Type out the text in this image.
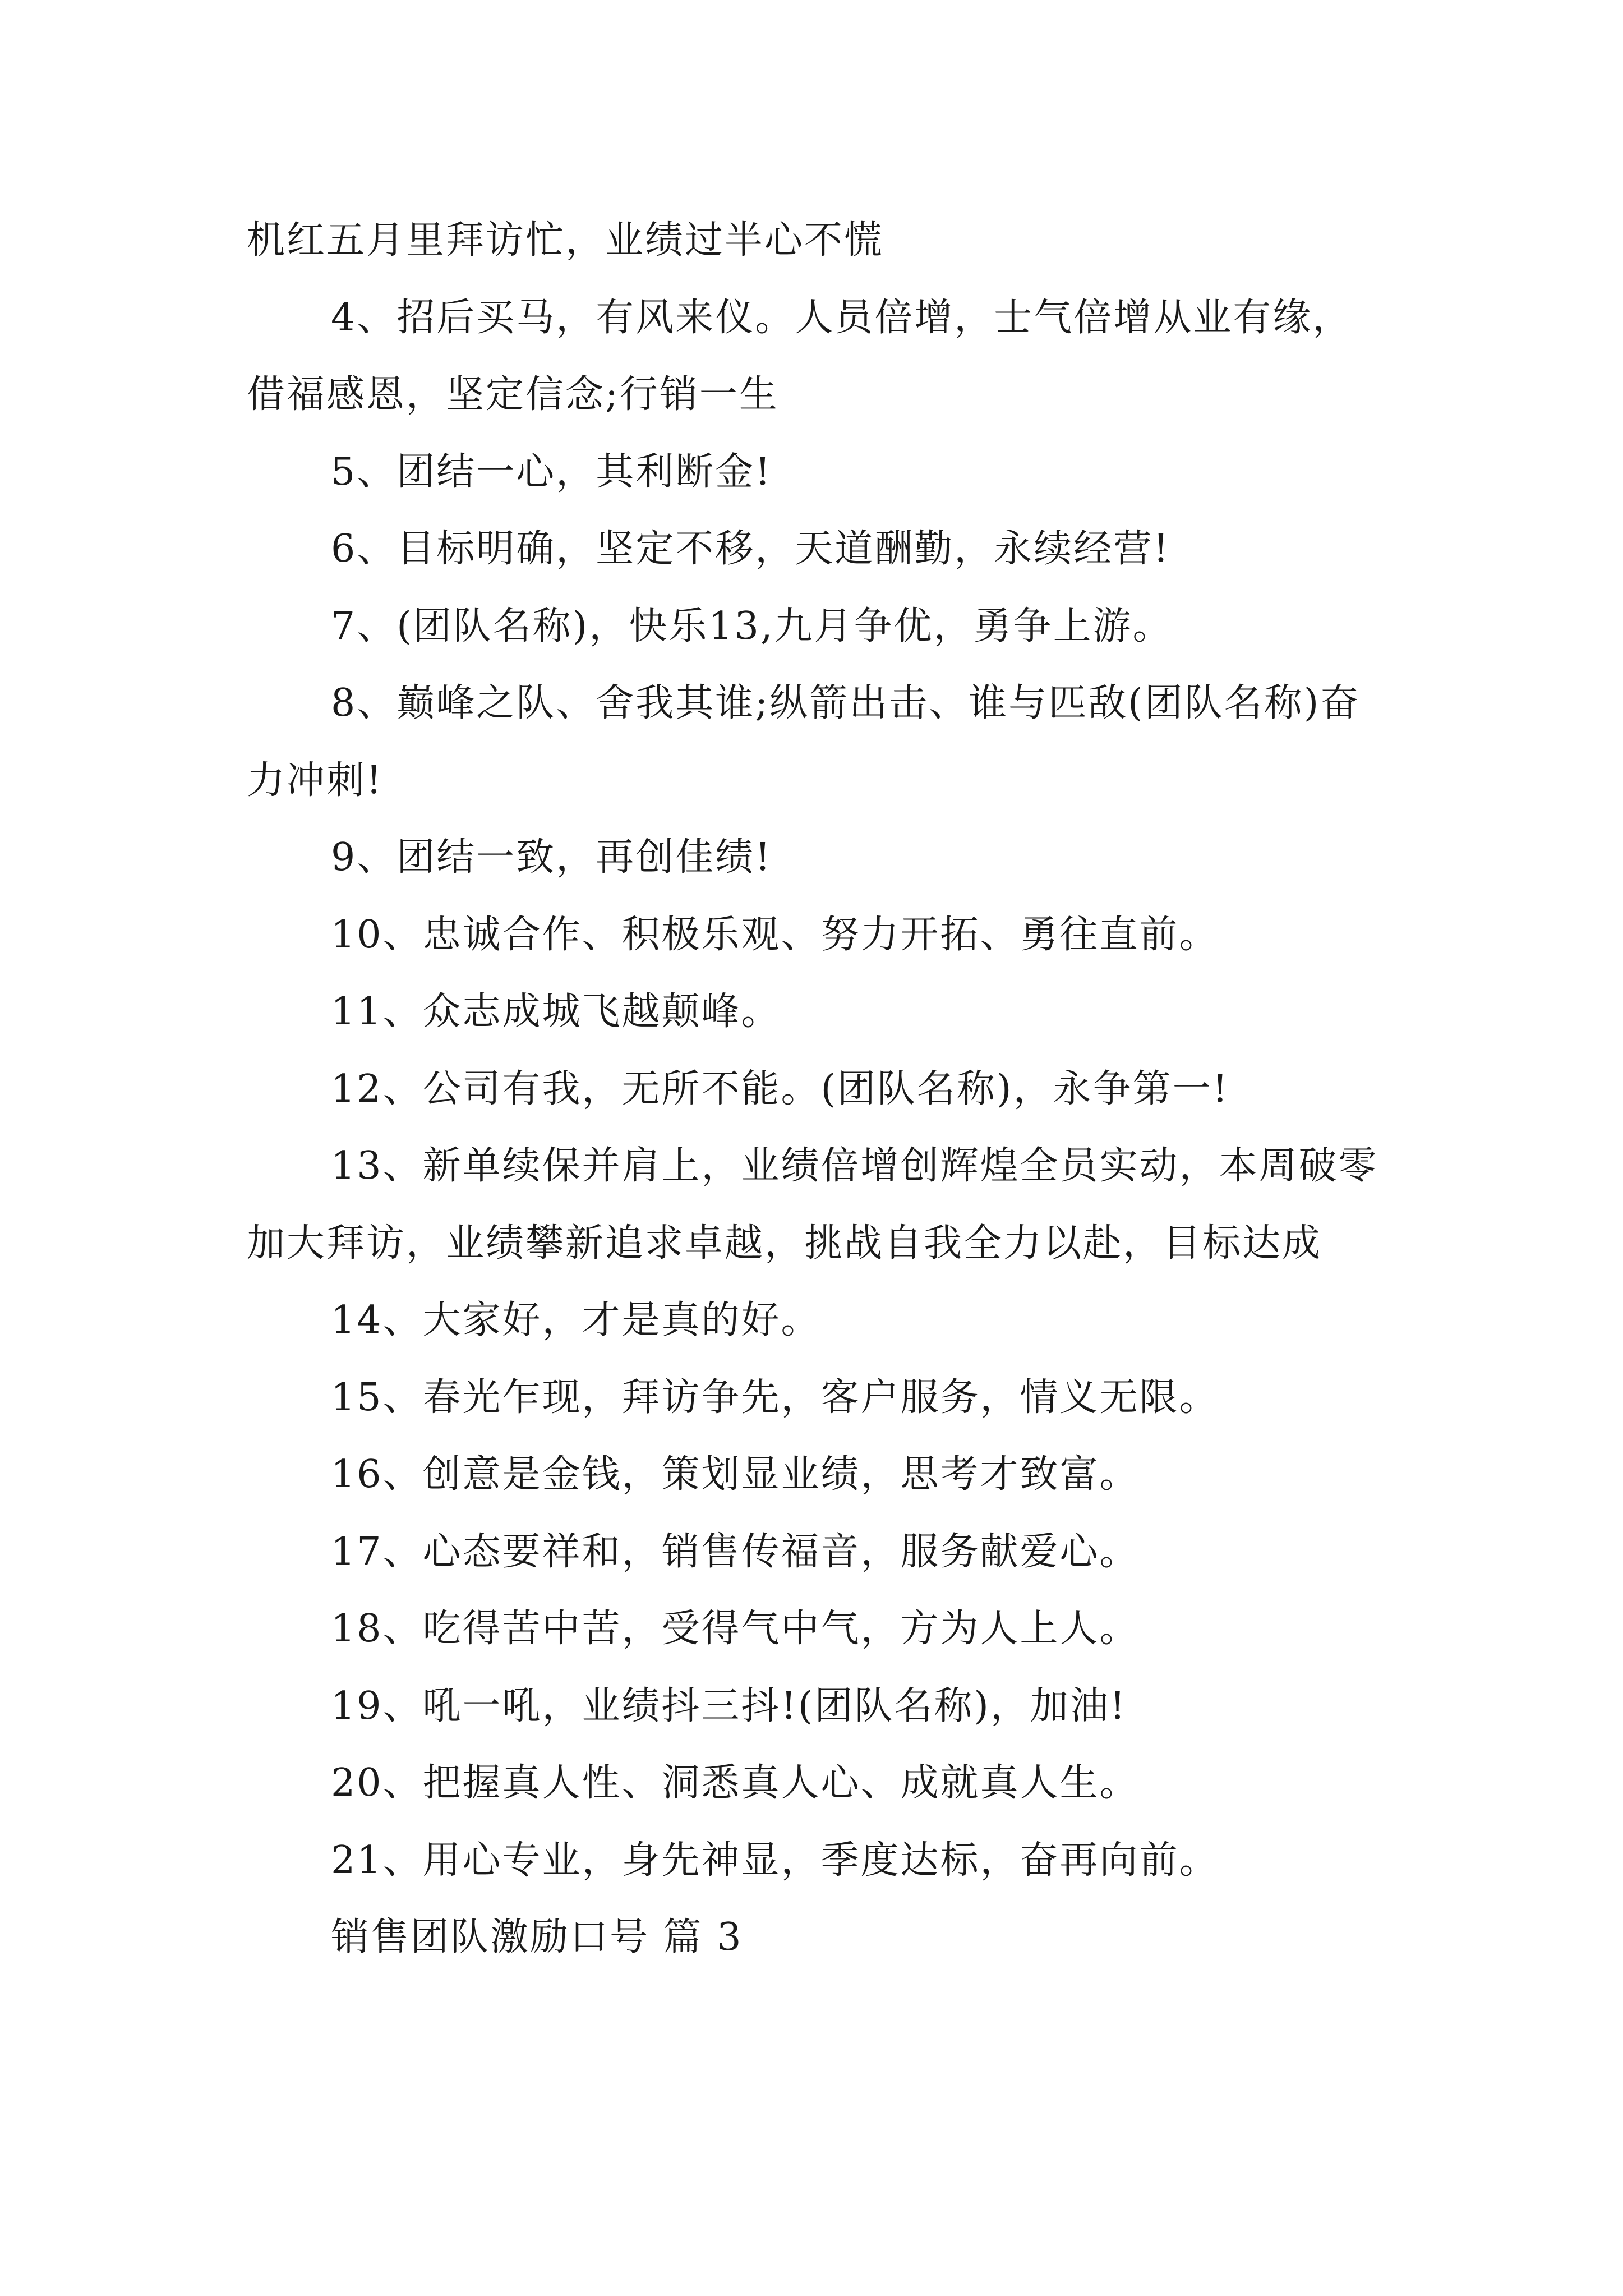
机红五月里拜访忙，业绩过半心不慌

4、招后买马，有风来仪。人员倍增，士气倍增从业有缘，借福感恩，坚定信念;行销一生

5、团结一心，其利断金!

6、目标明确，坚定不移，天道酬勤，永续经营!

7、(团队名称)，快乐13,九月争优，勇争上游。

8、巅峰之队、舍我其谁;纵箭出击、谁与匹敌(团队名称)奋力冲刺!

9、团结一致，再创佳绩!

10、忠诚合作、积极乐观、努力开拓、勇往直前。

11、众志成城飞越颠峰。

12、公司有我，无所不能。(团队名称)，永争第一!

13、新单续保并肩上，业绩倍增创辉煌全员实动，本周破零加大拜访，业绩攀新追求卓越，挑战自我全力以赴，目标达成

14、大家好，才是真的好。

15、春光乍现，拜访争先，客户服务，情义无限。

16、创意是金钱，策划显业绩，思考才致富。

17、心态要祥和，销售传福音，服务献爱心。

18、吃得苦中苦，受得气中气，方为人上人。

19、吼一吼，业绩抖三抖!(团队名称)，加油!

20、把握真人性、洞悉真人心、成就真人生。

21、用心专业，身先神显，季度达标，奋再向前。

销售团队激励口号 篇 3
